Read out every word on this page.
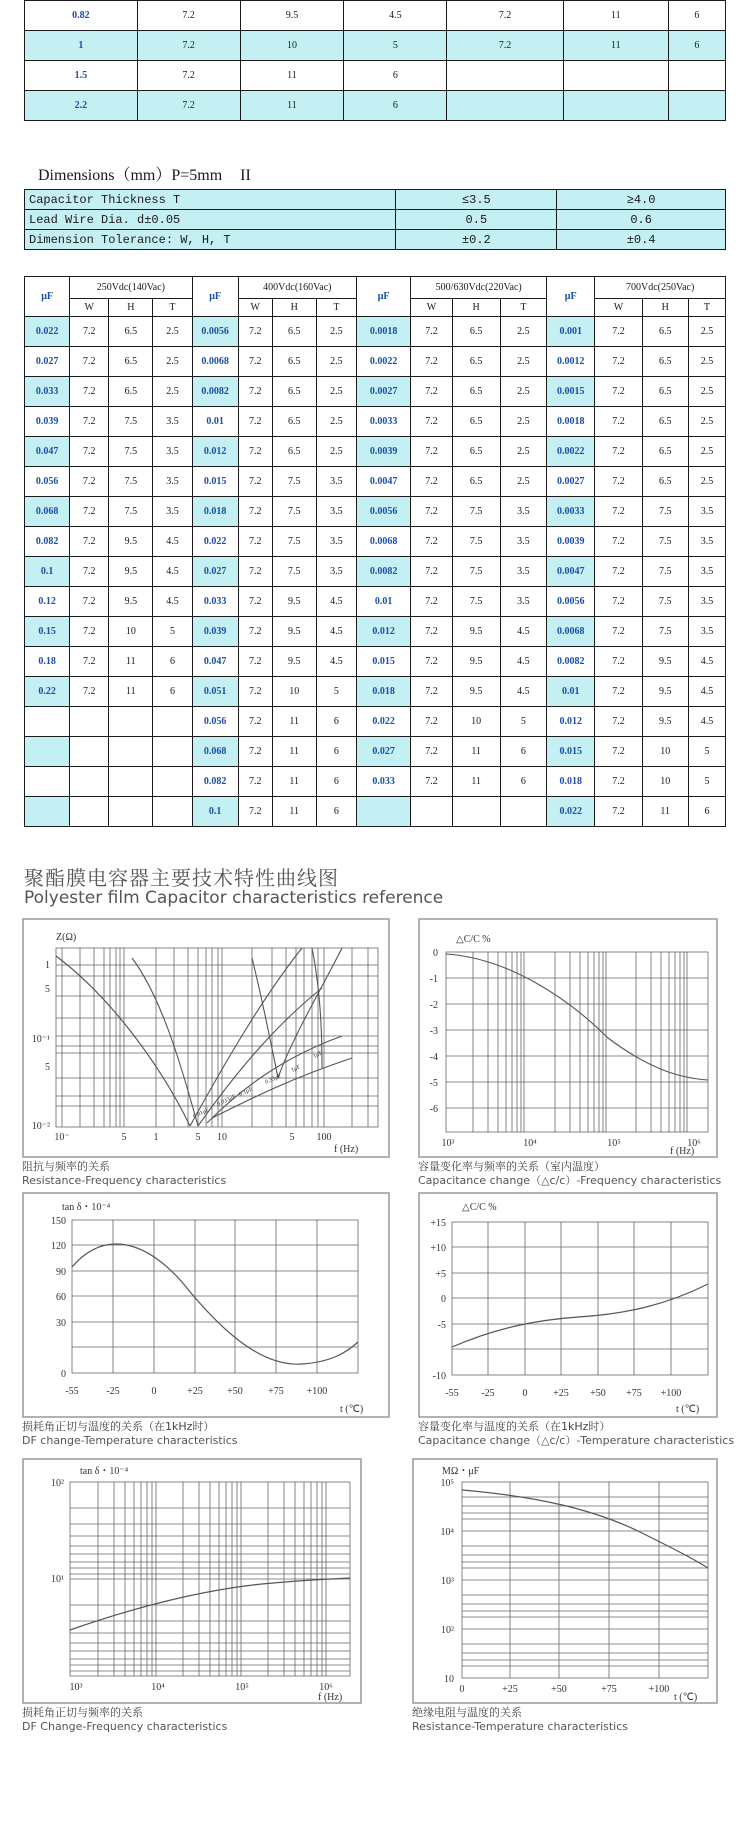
0.82	7.2	9.5	4.5	7.2	11	6
1	7.2	10	5	7.2	11	6
1.5	7.2	11	6			
2.2	7.2	11	6			
Dimensions（mm）P=5mm II
Capacitor Thickness T	≤3.5	≥4.0
Lead Wire Dia. d±0.05	0.5	0.6
Dimension Tolerance: W, H, T	±0.2	±0.4
μF	250Vdc(140Vac)			μF	400Vdc(160Vac)			μF	500/630Vdc(220Vac)			μF	700Vdc(250Vac)		
	W	H	T		W	H	T		W	H	T		W	H	T
0.022	7.2	6.5	2.5	0.0056	7.2	6.5	2.5	0.0018	7.2	6.5	2.5	0.001	7.2	6.5	2.5
0.027	7.2	6.5	2.5	0.0068	7.2	6.5	2.5	0.0022	7.2	6.5	2.5	0.0012	7.2	6.5	2.5
0.033	7.2	6.5	2.5	0.0082	7.2	6.5	2.5	0.0027	7.2	6.5	2.5	0.0015	7.2	6.5	2.5
0.039	7.2	7.5	3.5	0.01	7.2	6.5	2.5	0.0033	7.2	6.5	2.5	0.0018	7.2	6.5	2.5
0.047	7.2	7.5	3.5	0.012	7.2	6.5	2.5	0.0039	7.2	6.5	2.5	0.0022	7.2	6.5	2.5
0.056	7.2	7.5	3.5	0.015	7.2	7.5	3.5	0.0047	7.2	6.5	2.5	0.0027	7.2	6.5	2.5
0.068	7.2	7.5	3.5	0.018	7.2	7.5	3.5	0.0056	7.2	7.5	3.5	0.0033	7.2	7.5	3.5
0.082	7.2	9.5	4.5	0.022	7.2	7.5	3.5	0.0068	7.2	7.5	3.5	0.0039	7.2	7.5	3.5
0.1	7.2	9.5	4.5	0.027	7.2	7.5	3.5	0.0082	7.2	7.5	3.5	0.0047	7.2	7.5	3.5
0.12	7.2	9.5	4.5	0.033	7.2	9.5	4.5	0.01	7.2	7.5	3.5	0.0056	7.2	7.5	3.5
0.15	7.2	10	5	0.039	7.2	9.5	4.5	0.012	7.2	9.5	4.5	0.0068	7.2	7.5	3.5
0.18	7.2	11	6	0.047	7.2	9.5	4.5	0.015	7.2	9.5	4.5	0.0082	7.2	9.5	4.5
0.22	7.2	11	6	0.051	7.2	10	5	0.018	7.2	9.5	4.5	0.01	7.2	9.5	4.5
				0.056	7.2	11	6	0.022	7.2	10	5	0.012	7.2	9.5	4.5
				0.068	7.2	11	6	0.027	7.2	11	6	0.015	7.2	10	5
				0.082	7.2	11	6	0.033	7.2	11	6	0.018	7.2	10	5
				0.1	7.2	11	6					0.022	7.2	11	6
聚酯膜电容器主要技术特性曲线图
Polyester film Capacitor characteristics reference
Z(Ω)
1
5
10⁻¹
5
10⁻²
10⁻	5	1	5 10	5 100
f (Hz)
0.01μF
0.033μF
0.1μF
0.33μF
1μF
1μF
阻抗与频率的关系
Resistance-Frequency characteristics
△C/C %
0
-1
-2
-3
-4
-5
-6
10³	10⁴	10⁵	10⁶
f (Hz)
容量变化率与频率的关系（室内温度）
Capacitance change（△c/c）-Frequency characteristics
tan δ・10⁻⁴
150
120
90
60
30
0
-55	-25	0	+25 +50	+75 +100
t (℃)
损耗角正切与温度的关系（在1kHz时）
DF change-Temperature characteristics
△C/C %
+15
+10
+5
0
-5
-10
-55 -25	0	+25 +50 +75 +100
t (℃)
容量变化率与温度的关系（在1kHz时）
Capacitance change（△c/c）-Temperature characteristics
tan δ・10⁻⁴
10²
10¹
10³	10⁴	10⁵	10⁶
f (Hz)
损耗角正切与频率的关系
DF Change-Frequency characteristics
MΩ・μF
10⁵
10⁴
10³
10²
10
0	+25	+50	+75	+100
t (℃)
绝缘电阻与温度的关系
Resistance-Temperature characteristics
